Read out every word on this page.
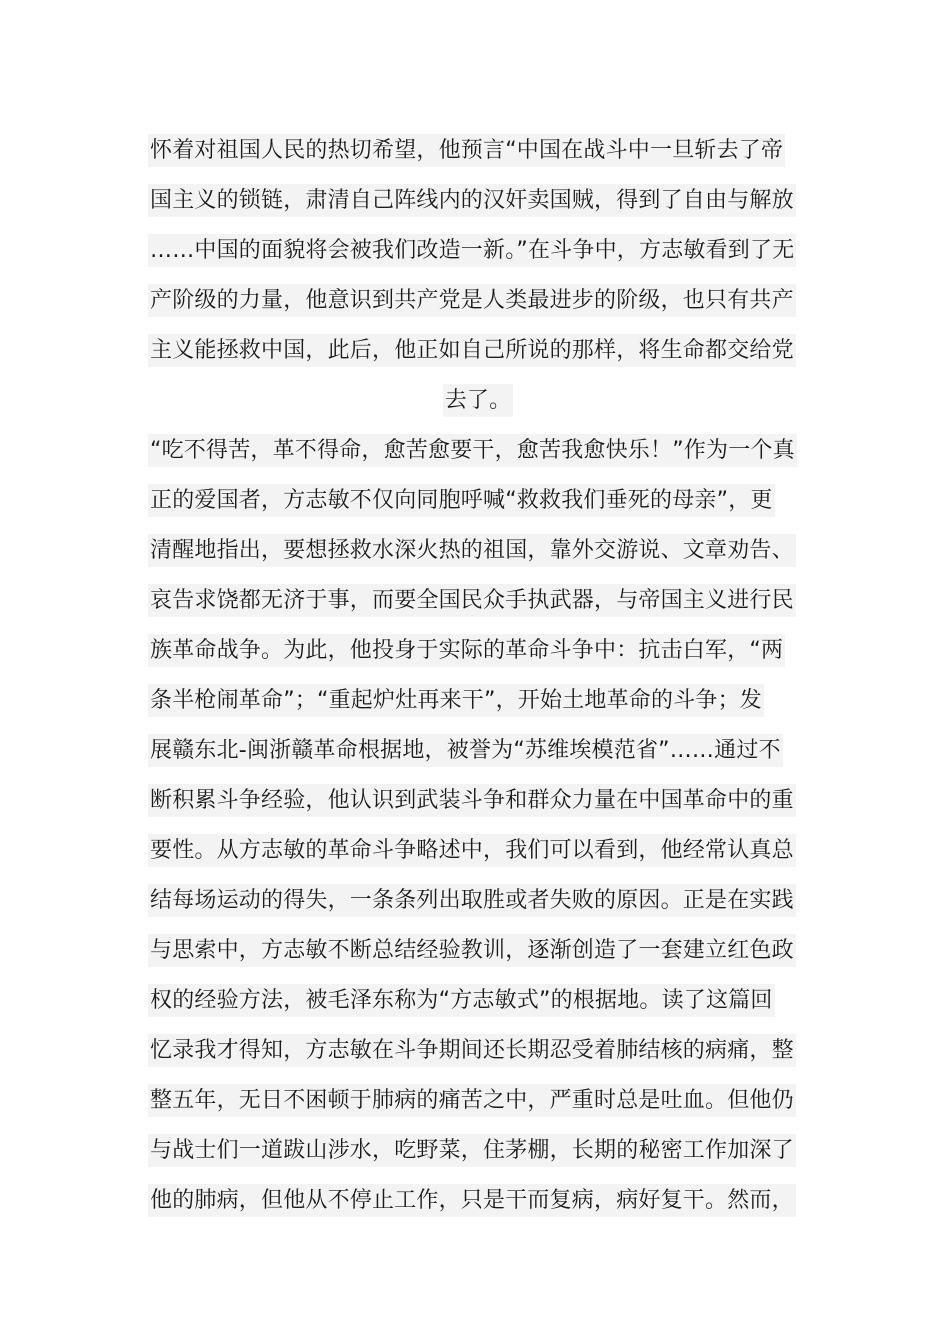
怀着对祖国人民的热切希望，他预言“中国在战斗中一旦斩去了帝
国主义的锁链，肃清自己阵线内的汉奸卖国贼，得到了自由与解放
……中国的面貌将会被我们改造一新。”在斗争中，方志敏看到了无
产阶级的力量，他意识到共产党是人类最进步的阶级，也只有共产
主义能拯救中国，此后，他正如自己所说的那样，将生命都交给党
去了。
“吃不得苦，革不得命，愈苦愈要干，愈苦我愈快乐！”作为一个真
正的爱国者，方志敏不仅向同胞呼喊“救救我们垂死的母亲”，更
清醒地指出，要想拯救水深火热的祖国，靠外交游说、文章劝告、
哀告求饶都无济于事，而要全国民众手执武器，与帝国主义进行民
族革命战争。为此，他投身于实际的革命斗争中：抗击白军，“两
条半枪闹革命”；“重起炉灶再来干”，开始土地革命的斗争；发
展赣东北-闽浙赣革命根据地，被誉为“苏维埃模范省”……通过不
断积累斗争经验，他认识到武装斗争和群众力量在中国革命中的重
要性。从方志敏的革命斗争略述中，我们可以看到，他经常认真总
结每场运动的得失，一条条列出取胜或者失败的原因。正是在实践
与思索中，方志敏不断总结经验教训，逐渐创造了一套建立红色政
权的经验方法，被毛泽东称为“方志敏式”的根据地。读了这篇回
忆录我才得知，方志敏在斗争期间还长期忍受着肺结核的病痛，整
整五年，无日不困顿于肺病的痛苦之中，严重时总是吐血。但他仍
与战士们一道跋山涉水，吃野菜，住茅棚，长期的秘密工作加深了
他的肺病，但他从不停止工作，只是干而复病，病好复干。然而，
